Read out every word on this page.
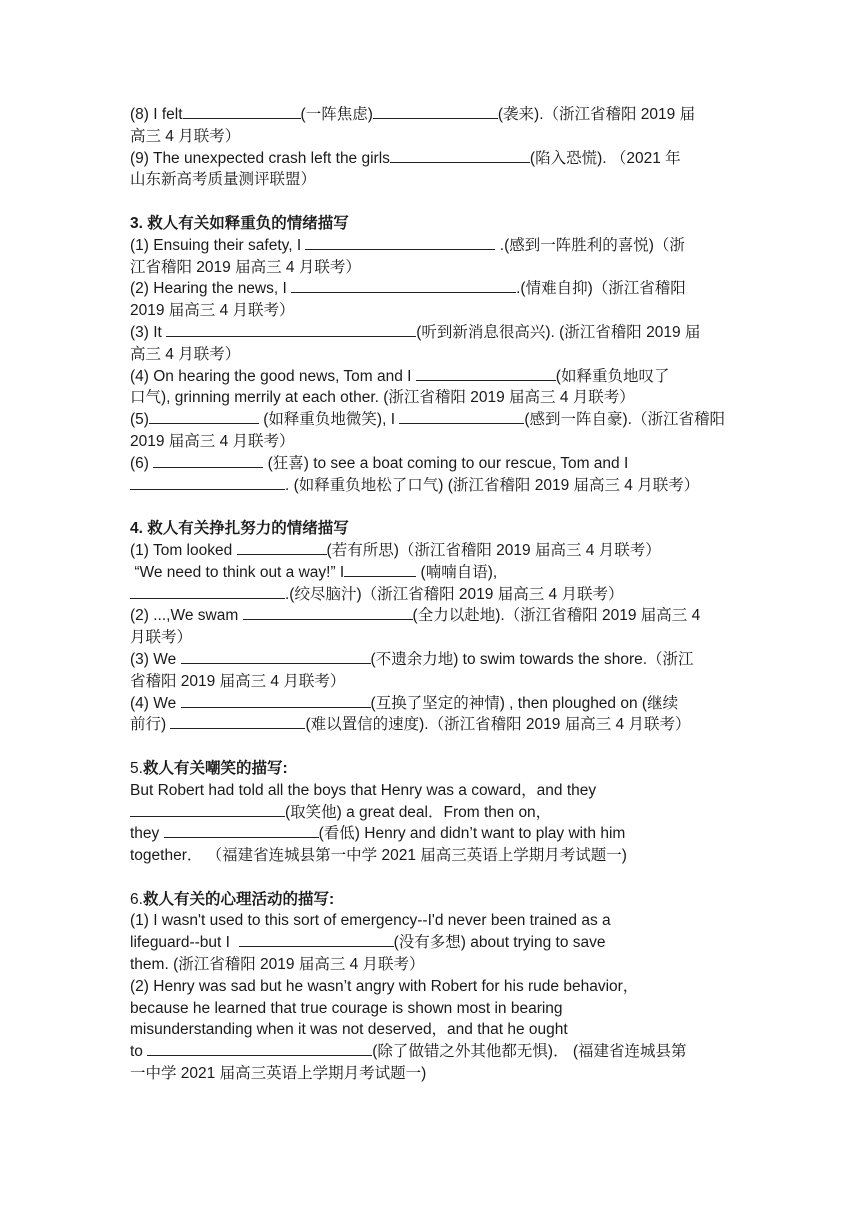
(8) I felt	(一阵焦虑)	(袭来).（浙江省稽阳 2019 届

高三 4 月联考）

(9) The unexpected crash left the girls	(陷入恐慌). （2021 年

山东新高考质量测评联盟）

3. 救人有关如释重负的情绪描写

(1) Ensuing their safety, I	.(感到一阵胜利的喜悦)（浙

江省稽阳 2019 届高三 4 月联考）

(2) Hearing the news, I	.(情难自抑)（浙江省稽阳

2019 届高三 4 月联考）

(3) It	(听到新消息很高兴). (浙江省稽阳 2019 届

高三 4 月联考）

(4) On hearing the good news, Tom and I	(如释重负地叹了

口气), grinning merrily at each other. (浙江省稽阳 2019 届高三 4 月联考）

(5)	(如释重负地微笑), I	(感到一阵自豪).（浙江省稽阳

2019 届高三 4 月联考）

(6)	(狂喜) to see a boat coming to our rescue, Tom and I

. (如释重负地松了口气) (浙江省稽阳 2019 届高三 4 月联考）

4. 救人有关挣扎努力的情绪描写

(1) Tom looked	(若有所思)（浙江省稽阳 2019 届高三 4 月联考）

“We need to think out a way!” I	(喃喃自语),

.(绞尽脑汁)（浙江省稽阳 2019 届高三 4 月联考）

(2) ...,We swam	(全力以赴地).（浙江省稽阳 2019 届高三 4

月联考）

(3) We	(不遗余力地) to swim towards the shore.（浙江

省稽阳 2019 届高三 4 月联考）

(4) We	(互换了坚定的神情) , then ploughed on (继续

前行)	(难以置信的速度).（浙江省稽阳 2019 届高三 4 月联考）

5.救人有关嘲笑的描写:

But Robert had told all the boys that Henry was a coward，and they

(取笑他) a great deal．From then on，

they	(看低) Henry and didn’t want to play with him

together． （福建省连城县第一中学 2021 届高三英语上学期月考试题一)

6.救人有关的心理活动的描写:

(1) I wasn't used to this sort of emergency--I'd never been trained as a

lifeguard--but I	(没有多想) about trying to save

them. (浙江省稽阳 2019 届高三 4 月联考）

(2) Henry was sad but he wasn’t angry with Robert for his rude behavior，

because he learned that true courage is shown most in bearing

misunderstanding when it was not deserved，and that he ought

to	(除了做错之外其他都无惧)． (福建省连城县第

一中学 2021 届高三英语上学期月考试题一)
